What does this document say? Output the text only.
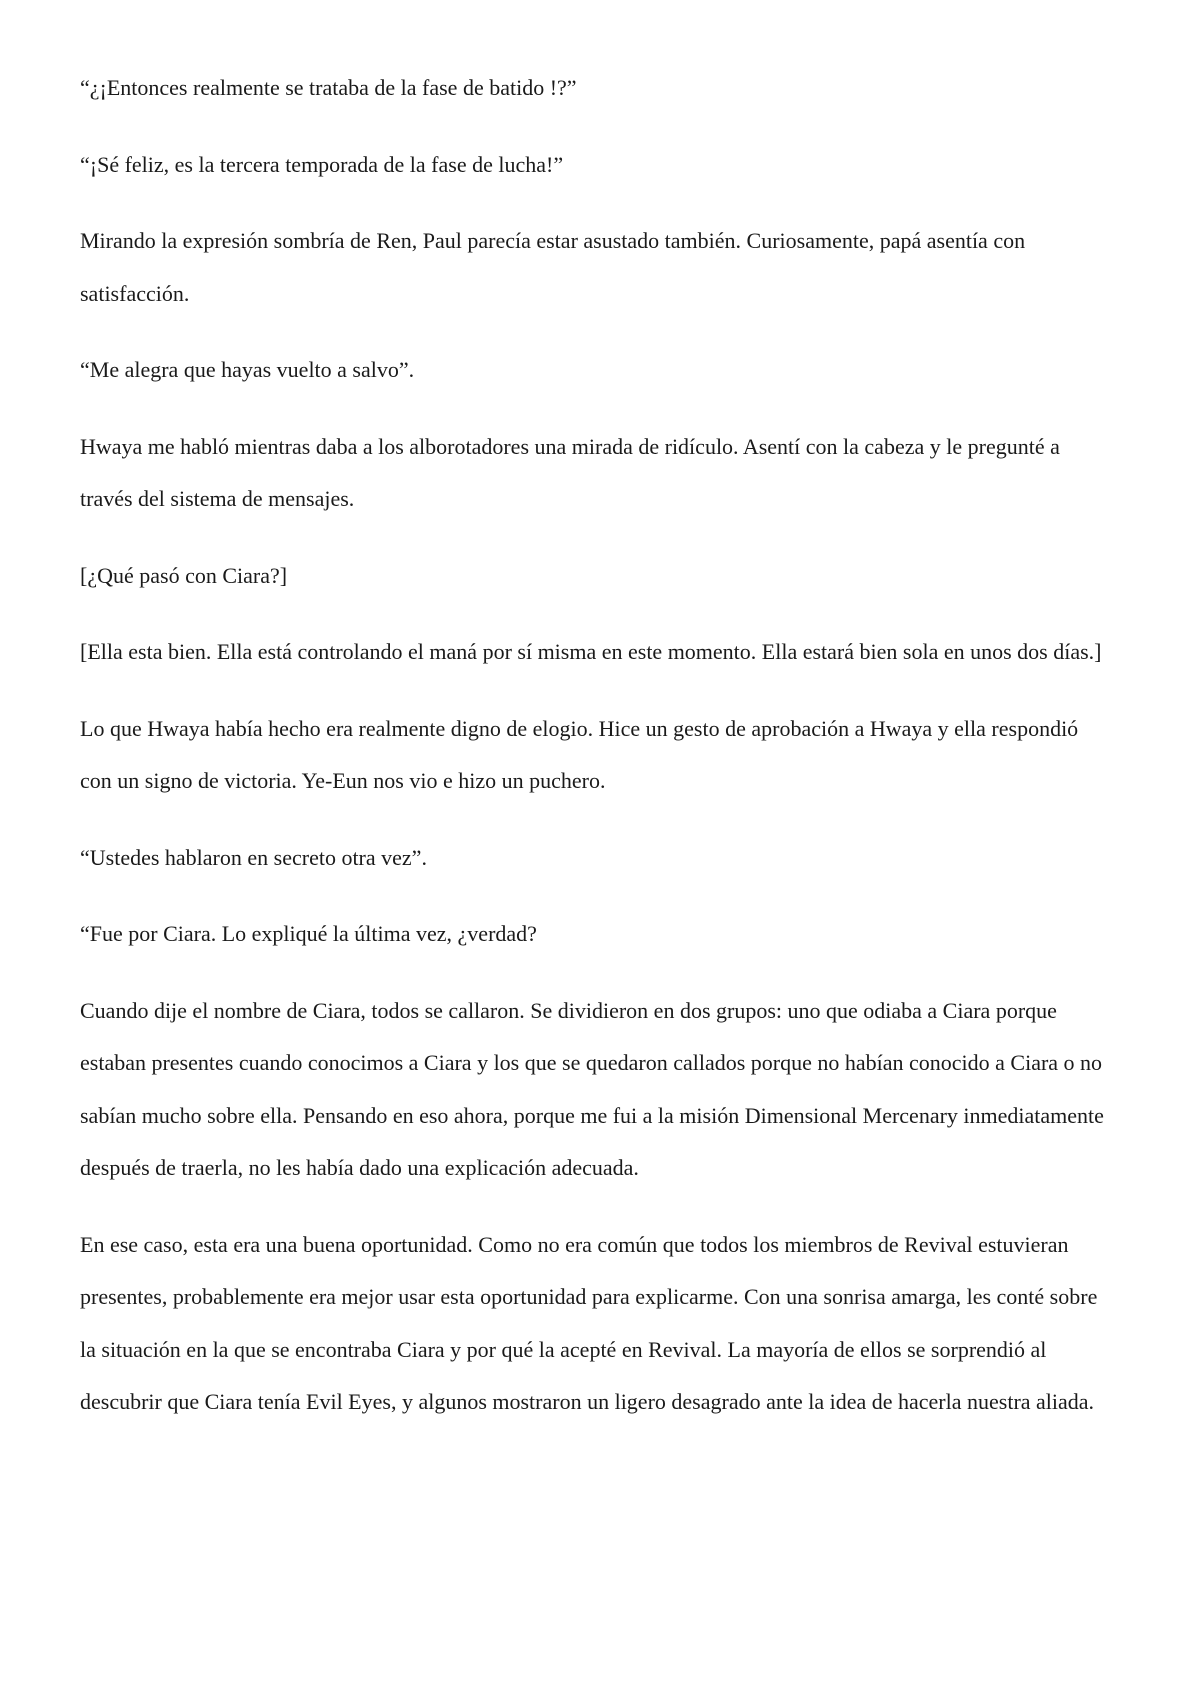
“¿¡Entonces realmente se trataba de la fase de batido !?”

“¡Sé feliz, es la tercera temporada de la fase de lucha!”

Mirando la expresión sombría de Ren, Paul parecía estar asustado también. Curiosamente, papá asentía con satisfacción.

“Me alegra que hayas vuelto a salvo”.

Hwaya me habló mientras daba a los alborotadores una mirada de ridículo. Asentí con la cabeza y le pregunté a través del sistema de mensajes.

[¿Qué pasó con Ciara?]

[Ella esta bien. Ella está controlando el maná por sí misma en este momento. Ella estará bien sola en unos dos días.]

Lo que Hwaya había hecho era realmente digno de elogio. Hice un gesto de aprobación a Hwaya y ella respondió con un signo de victoria. Ye-Eun nos vio e hizo un puchero.

“Ustedes hablaron en secreto otra vez”.

“Fue por Ciara. Lo expliqué la última vez, ¿verdad?

Cuando dije el nombre de Ciara, todos se callaron. Se dividieron en dos grupos: uno que odiaba a Ciara porque estaban presentes cuando conocimos a Ciara y los que se quedaron callados porque no habían conocido a Ciara o no sabían mucho sobre ella. Pensando en eso ahora, porque me fui a la misión Dimensional Mercenary inmediatamente después de traerla, no les había dado una explicación adecuada.

En ese caso, esta era una buena oportunidad. Como no era común que todos los miembros de Revival estuvieran presentes, probablemente era mejor usar esta oportunidad para explicarme. Con una sonrisa amarga, les conté sobre la situación en la que se encontraba Ciara y por qué la acepté en Revival. La mayoría de ellos se sorprendió al descubrir que Ciara tenía Evil Eyes, y algunos mostraron un ligero desagrado ante la idea de hacerla nuestra aliada.
